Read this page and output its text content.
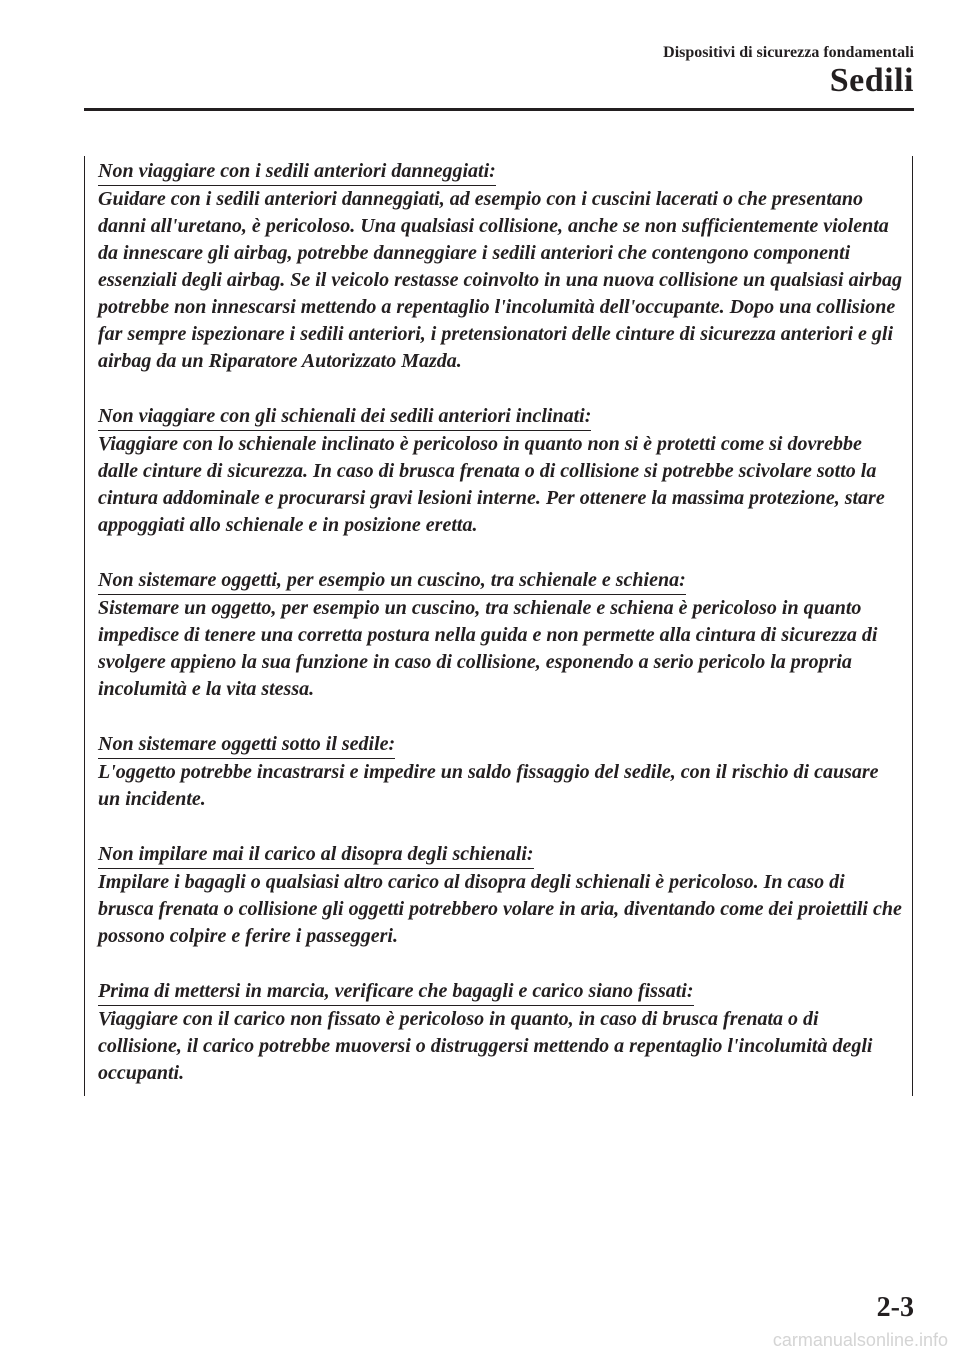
Dispositivi di sicurezza fondamentali
Sedili
Non viaggiare con i sedili anteriori danneggiati:

Guidare con i sedili anteriori danneggiati, ad esempio con i cuscini lacerati o che presentano danni all'uretano, è pericoloso. Una qualsiasi collisione, anche se non sufficientemente violenta da innescare gli airbag, potrebbe danneggiare i sedili anteriori che contengono componenti essenziali degli airbag. Se il veicolo restasse coinvolto in una nuova collisione un qualsiasi airbag potrebbe non innescarsi mettendo a repentaglio l'incolumità dell'occupante. Dopo una collisione far sempre ispezionare i sedili anteriori, i pretensionatori delle cinture di sicurezza anteriori e gli airbag da un Riparatore Autorizzato Mazda.

Non viaggiare con gli schienali dei sedili anteriori inclinati:

Viaggiare con lo schienale inclinato è pericoloso in quanto non si è protetti come si dovrebbe dalle cinture di sicurezza. In caso di brusca frenata o di collisione si potrebbe scivolare sotto la cintura addominale e procurarsi gravi lesioni interne. Per ottenere la massima protezione, stare appoggiati allo schienale e in posizione eretta.

Non sistemare oggetti, per esempio un cuscino, tra schienale e schiena:

Sistemare un oggetto, per esempio un cuscino, tra schienale e schiena è pericoloso in quanto impedisce di tenere una corretta postura nella guida e non permette alla cintura di sicurezza di svolgere appieno la sua funzione in caso di collisione, esponendo a serio pericolo la propria incolumità e la vita stessa.

Non sistemare oggetti sotto il sedile:

L'oggetto potrebbe incastrarsi e impedire un saldo fissaggio del sedile, con il rischio di causare un incidente.

Non impilare mai il carico al disopra degli schienali:

Impilare i bagagli o qualsiasi altro carico al disopra degli schienali è pericoloso. In caso di brusca frenata o collisione gli oggetti potrebbero volare in aria, diventando come dei proiettili che possono colpire e ferire i passeggeri.

Prima di mettersi in marcia, verificare che bagagli e carico siano fissati:

Viaggiare con il carico non fissato è pericoloso in quanto, in caso di brusca frenata o di collisione, il carico potrebbe muoversi o distruggersi mettendo a repentaglio l'incolumità degli occupanti.

2-3
carmanualsonline.info
